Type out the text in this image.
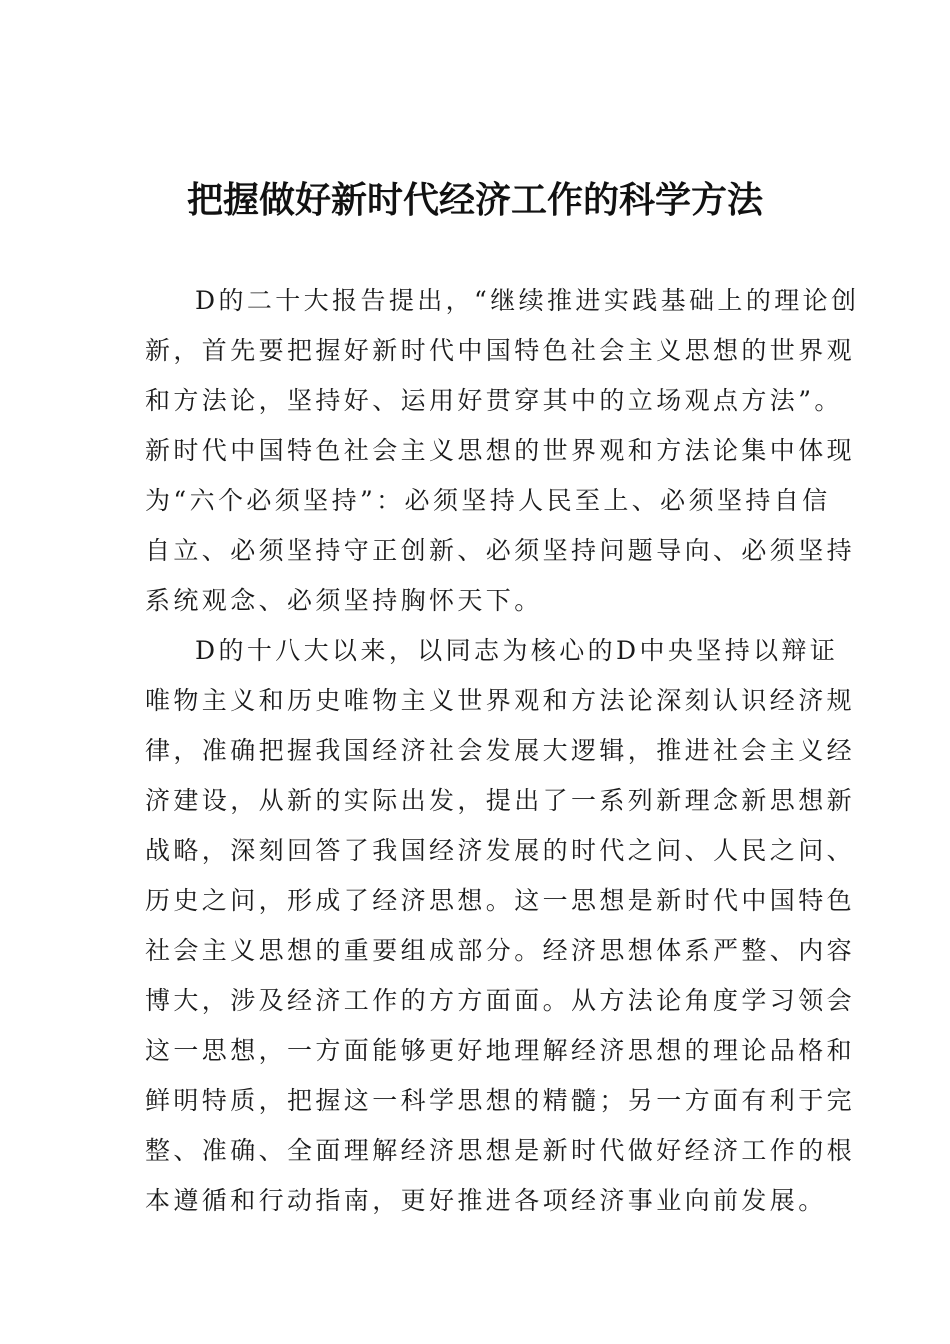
把握做好新时代经济工作的科学方法
D的二十大报告提出，“继续推进实践基础上的理论创
新，首先要把握好新时代中国特色社会主义思想的世界观
和方法论，坚持好、运用好贯穿其中的立场观点方法”。
新时代中国特色社会主义思想的世界观和方法论集中体现
为“六个必须坚持”：必须坚持人民至上、必须坚持自信
自立、必须坚持守正创新、必须坚持问题导向、必须坚持
系统观念、必须坚持胸怀天下。
D的十八大以来，以同志为核心的D中央坚持以辩证
唯物主义和历史唯物主义世界观和方法论深刻认识经济规
律，准确把握我国经济社会发展大逻辑，推进社会主义经
济建设，从新的实际出发，提出了一系列新理念新思想新
战略，深刻回答了我国经济发展的时代之问、人民之问、
历史之问，形成了经济思想。这一思想是新时代中国特色
社会主义思想的重要组成部分。经济思想体系严整、内容
博大，涉及经济工作的方方面面。从方法论角度学习领会
这一思想，一方面能够更好地理解经济思想的理论品格和
鲜明特质，把握这一科学思想的精髓；另一方面有利于完
整、准确、全面理解经济思想是新时代做好经济工作的根
本遵循和行动指南，更好推进各项经济事业向前发展。
